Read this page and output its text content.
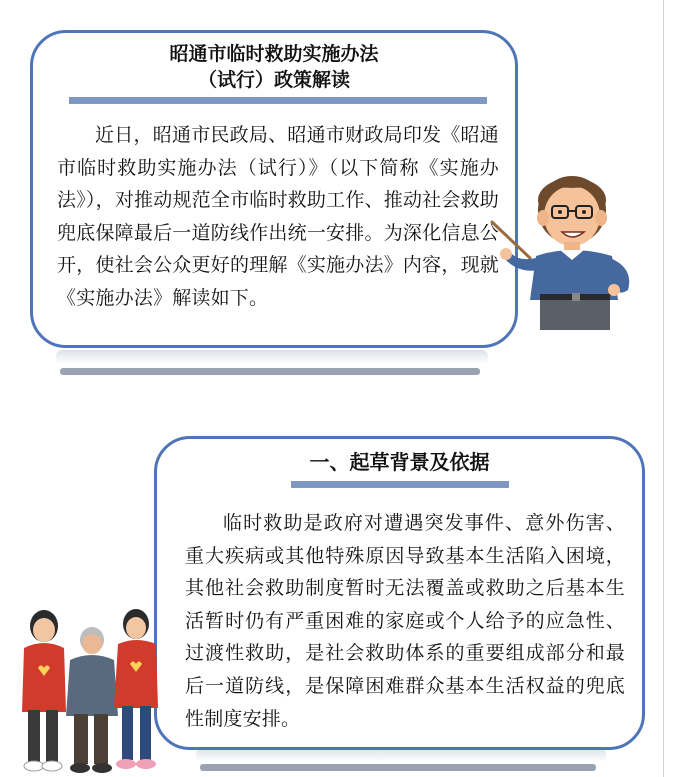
昭通市临时救助实施办法
（试行）政策解读

近日，昭通市民政局、昭通市财政局印发《昭通市临时救助实施办法（试行）》（以下简称《实施办法》），对推动规范全市临时救助工作、推动社会救助兜底保障最后一道防线作出统一安排。为深化信息公开，使社会公众更好的理解《实施办法》内容，现就《实施办法》解读如下。

一、起草背景及依据

临时救助是政府对遭遇突发事件、意外伤害、重大疾病或其他特殊原因导致基本生活陷入困境，其他社会救助制度暂时无法覆盖或救助之后基本生活暂时仍有严重困难的家庭或个人给予的应急性、过渡性救助，是社会救助体系的重要组成部分和最后一道防线，是保障困难群众基本生活权益的兜底性制度安排。
